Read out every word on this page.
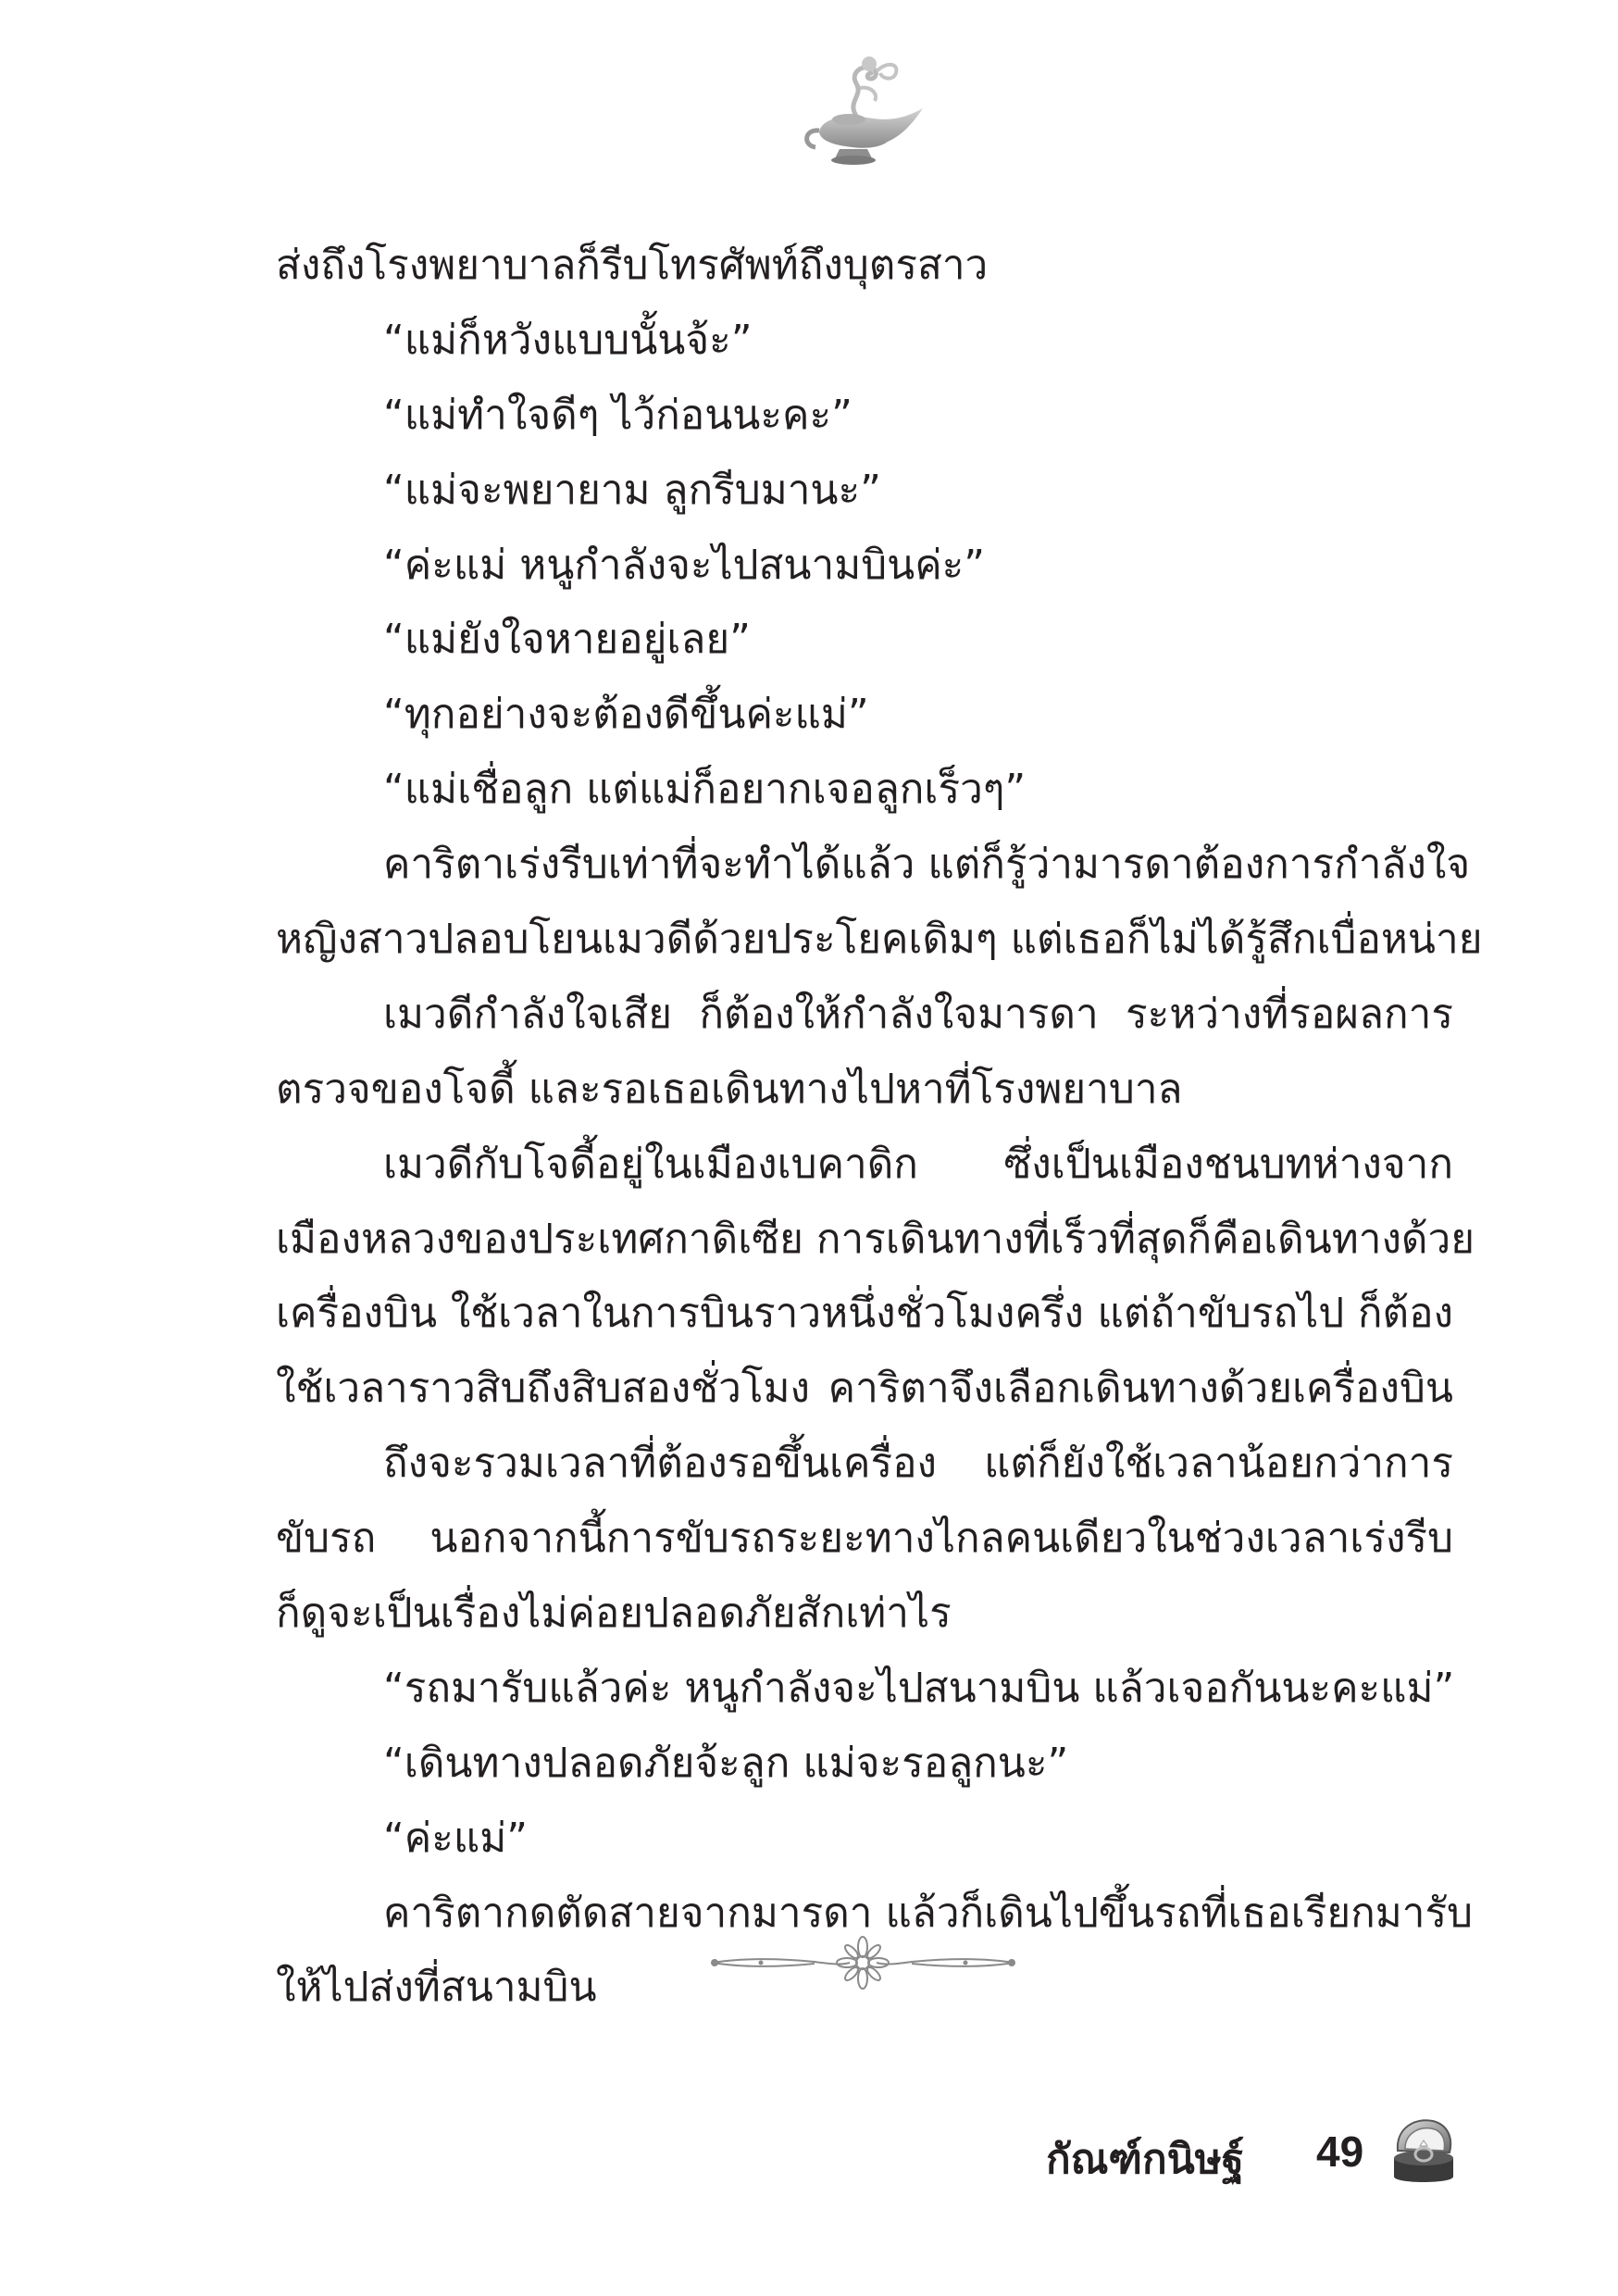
ส่งถึงโรงพยาบาลก็รีบโทรศัพท์ถึงบุตรสาว
“แม่ก็หวังแบบนั้นจ้ะ”
“แม่ทำใจดีๆ ไว้ก่อนนะคะ”
“แม่จะพยายาม ลูกรีบมานะ”
“ค่ะแม่ หนูกำลังจะไปสนามบินค่ะ”
“แม่ยังใจหายอยู่เลย”
“ทุกอย่างจะต้องดีขึ้นค่ะแม่”
“แม่เชื่อลูก แต่แม่ก็อยากเจอลูกเร็วๆ”
คาริตาเร่งรีบเท่าที่จะทำได้แล้ว แต่ก็รู้ว่ามารดาต้องการกำลังใจ
หญิงสาวปลอบโยนเมวดีด้วยประโยคเดิมๆ แต่เธอก็ไม่ได้รู้สึกเบื่อหน่าย
เมวดีกำลังใจเสีย ก็ต้องให้กำลังใจมารดา ระหว่างที่รอผลการ
ตรวจของโจดี้ และรอเธอเดินทางไปหาที่โรงพยาบาล
เมวดีกับโจดี้อยู่ในเมืองเบคาดิก ซึ่งเป็นเมืองชนบทห่างจาก
เมืองหลวงของประเทศกาดิเซีย การเดินทางที่เร็วที่สุดก็คือเดินทางด้วย
เครื่องบิน ใช้เวลาในการบินราวหนึ่งชั่วโมงครึ่ง แต่ถ้าขับรถไป ก็ต้อง
ใช้เวลาราวสิบถึงสิบสองชั่วโมง คาริตาจึงเลือกเดินทางด้วยเครื่องบิน
ถึงจะรวมเวลาที่ต้องรอขึ้นเครื่อง แต่ก็ยังใช้เวลาน้อยกว่าการ
ขับรถ นอกจากนี้การขับรถระยะทางไกลคนเดียวในช่วงเวลาเร่งรีบ
ก็ดูจะเป็นเรื่องไม่ค่อยปลอดภัยสักเท่าไร
“รถมารับแล้วค่ะ หนูกำลังจะไปสนามบิน แล้วเจอกันนะคะแม่”
“เดินทางปลอดภัยจ้ะลูก แม่จะรอลูกนะ”
“ค่ะแม่”
คาริตากดตัดสายจากมารดา แล้วก็เดินไปขึ้นรถที่เธอเรียกมารับ
ให้ไปส่งที่สนามบิน
กัณฑ์กนิษฐ์ 49
